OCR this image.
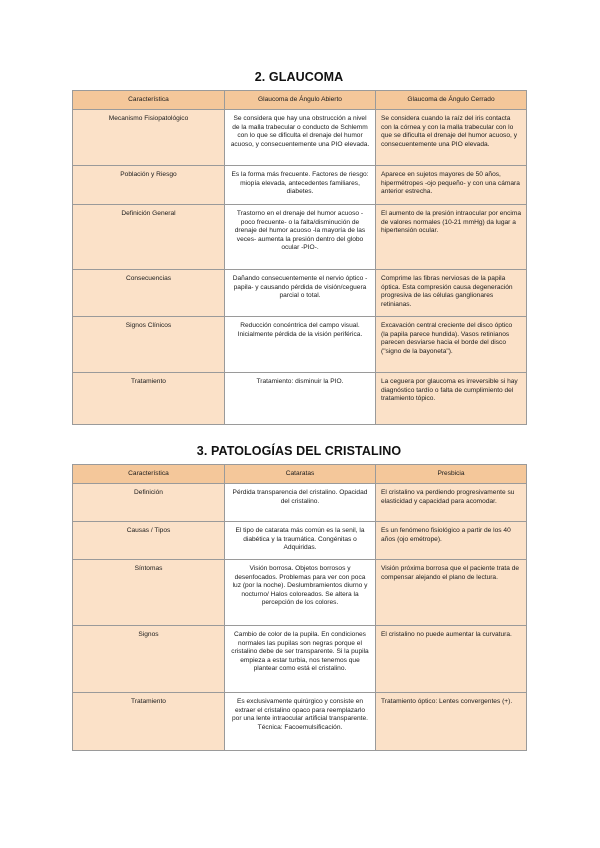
2. GLAUCOMA
Característica	Glaucoma de Ángulo Abierto	Glaucoma de Ángulo Cerrado
Mecanismo Fisiopatológico	Se considera que hay una obstrucción a nivel de la malla trabecular o conducto de Schlemm con lo que se dificulta el drenaje del humor acuoso, y consecuentemente una PIO elevada.	Se considera cuando la raíz del iris contacta con la córnea y con la malla trabecular con lo que se dificulta el drenaje del humor acuoso, y consecuentemente una PIO elevada.
Población y Riesgo	Es la forma más frecuente. Factores de riesgo: miopía elevada, antecedentes familiares, diabetes.	Aparece en sujetos mayores de 50 años, hipermétropes -ojo pequeño- y con una cámara anterior estrecha.
Definición General	Trastorno en el drenaje del humor acuoso -poco frecuente- o la falta/disminución de drenaje del humor acuoso -la mayoría de las veces- aumenta la presión dentro del globo ocular -PIO-.	El aumento de la presión intraocular por encima de valores normales (10-21 mmHg) da lugar a hipertensión ocular.
Consecuencias	Dañando consecuentemente el nervio óptico -papila- y causando pérdida de visión/ceguera parcial o total.	Comprime las fibras nerviosas de la papila óptica. Esta compresión causa degeneración progresiva de las células ganglionares retinianas.
Signos Clínicos	Reducción concéntrica del campo visual. Inicialmente pérdida de la visión periférica.	Excavación central creciente del disco óptico (la papila parece hundida). Vasos retinianos parecen desviarse hacia el borde del disco ("signo de la bayoneta").
Tratamiento	Tratamiento: disminuir la PIO.	La ceguera por glaucoma es irreversible si hay diagnóstico tardío o falta de cumplimiento del tratamiento tópico.
3. PATOLOGÍAS DEL CRISTALINO
Característica	Cataratas	Presbicia
Definición	Pérdida transparencia del cristalino. Opacidad del cristalino.	El cristalino va perdiendo progresivamente su elasticidad y capacidad para acomodar.
Causas / Tipos	El tipo de catarata más común es la senil, la diabética y la traumática. Congénitas o Adquiridas.	Es un fenómeno fisiológico a partir de los 40 años (ojo emétrope).
Síntomas	Visión borrosa. Objetos borrosos y desenfocados. Problemas para ver con poca luz (por la noche). Deslumbramientos diurno y nocturno/ Halos coloreados. Se altera la percepción de los colores.	Visión próxima borrosa que el paciente trata de compensar alejando el plano de lectura.
Signos	Cambio de color de la pupila. En condiciones normales las pupilas son negras porque el cristalino debe de ser transparente. Si la pupila empieza a estar turbia, nos tenemos que plantear como está el cristalino.	El cristalino no puede aumentar la curvatura.
Tratamiento	Es exclusivamente quirúrgico y consiste en extraer el cristalino opaco para reemplazarlo por una lente intraocular artificial transparente. Técnica: Facoemulsificación.	Tratamiento óptico: Lentes convergentes (+).
